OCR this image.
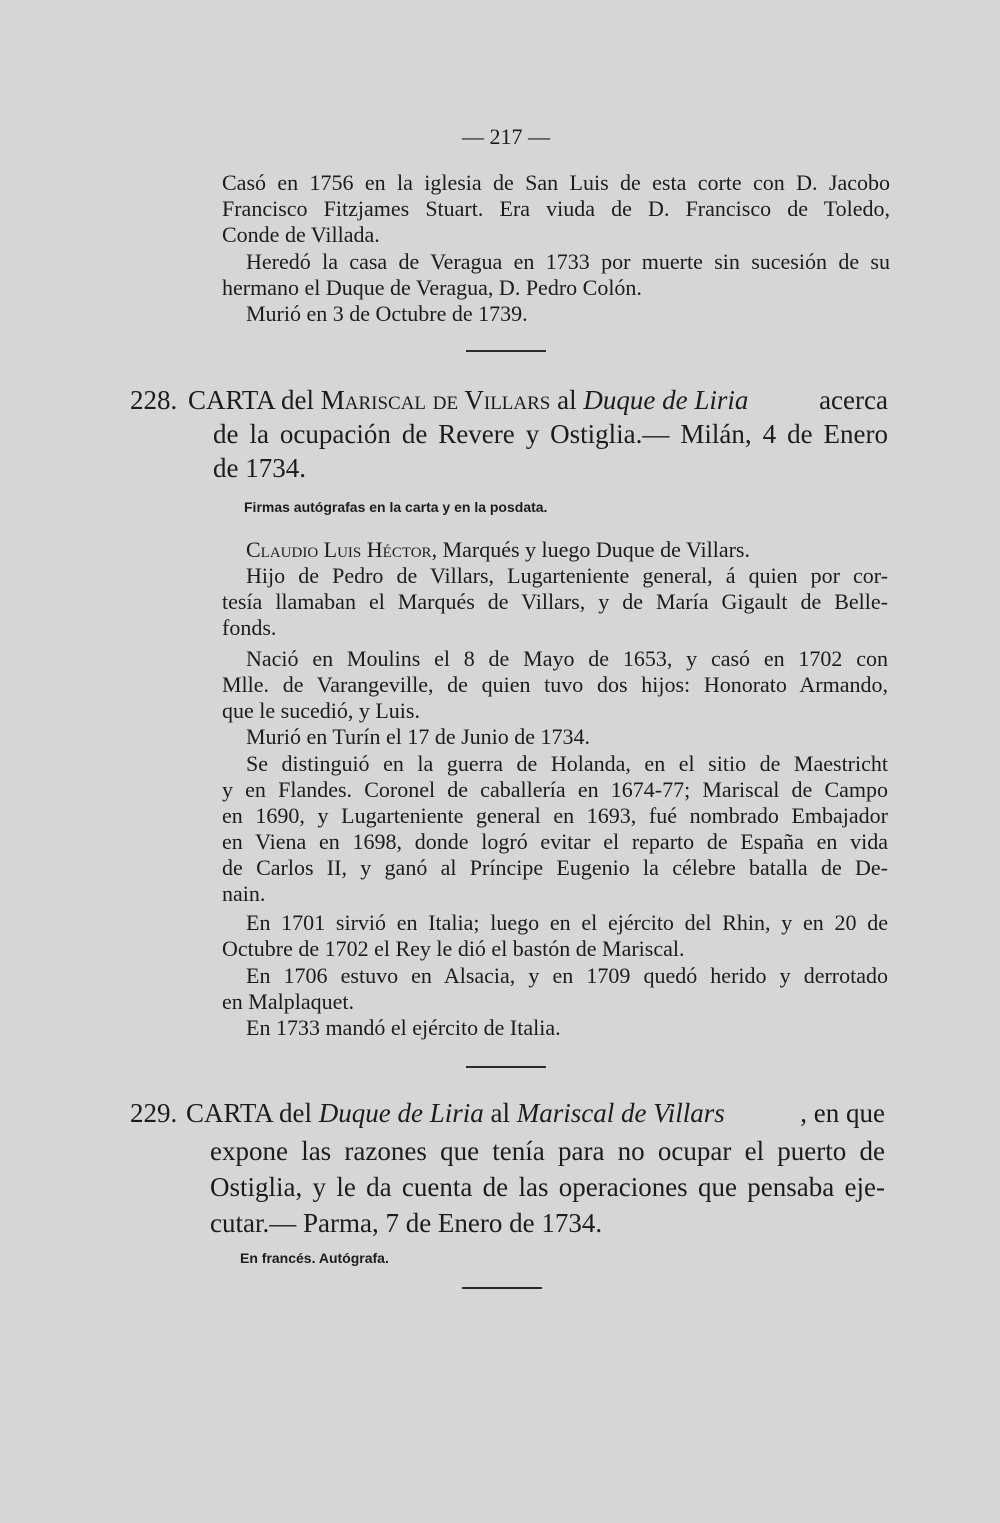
— 217 —
Casó en 1756 en la iglesia de San Luis de esta corte con D. Jacobo
Francisco Fitzjames Stuart. Era viuda de D. Francisco de Toledo,
Conde de Villada.
Heredó la casa de Veragua en 1733 por muerte sin sucesión de su
hermano el Duque de Veragua, D. Pedro Colón.
Murió en 3 de Octubre de 1739.
228. CARTA del Mariscal de Villars al Duque de Liria	acerca
de la ocupación de Revere y Ostiglia.— Milán, 4 de Enero
de 1734.
Firmas autógrafas en la carta y en la posdata.
Claudio Luis Héctor, Marqués y luego Duque de Villars.
Hijo de Pedro de Villars, Lugarteniente general, á quien por cor-
tesía llamaban el Marqués de Villars, y de María Gigault de Belle-
fonds.
Nació en Moulins el 8 de Mayo de 1653, y casó en 1702 con
Mlle. de Varangeville, de quien tuvo dos hijos: Honorato Armando,
que le sucedió, y Luis.
Murió en Turín el 17 de Junio de 1734.
Se distinguió en la guerra de Holanda, en el sitio de Maestricht
y en Flandes. Coronel de caballería en 1674-77; Mariscal de Campo
en 1690, y Lugarteniente general en 1693, fué nombrado Embajador
en Viena en 1698, donde logró evitar el reparto de España en vida
de Carlos II, y ganó al Príncipe Eugenio la célebre batalla de De-
nain.
En 1701 sirvió en Italia; luego en el ejército del Rhin, y en 20 de
Octubre de 1702 el Rey le dió el bastón de Mariscal.
En 1706 estuvo en Alsacia, y en 1709 quedó herido y derrotado
en Malplaquet.
En 1733 mandó el ejército de Italia.
229. CARTA del Duque de Liria al Mariscal de Villars	, en que
expone las razones que tenía para no ocupar el puerto de
Ostiglia, y le da cuenta de las operaciones que pensaba eje-
cutar.— Parma, 7 de Enero de 1734.
En francés. Autógrafa.
